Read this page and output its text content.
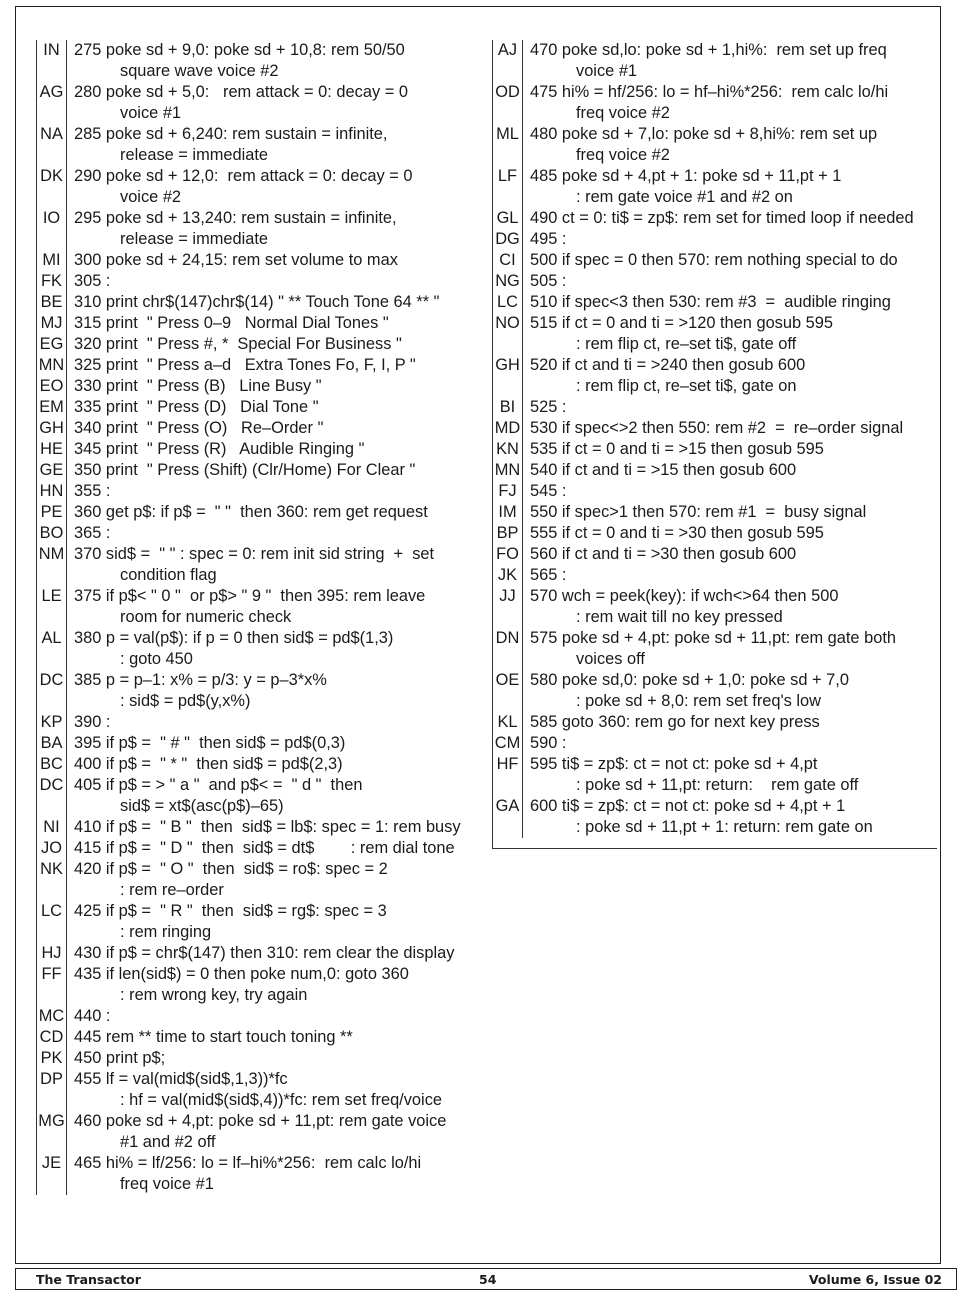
IN 275 poke sd + 9,0: poke sd + 10,8: rem 50/50
square wave voice #2
AG 280 poke sd + 5,0:   rem attack = 0: decay = 0
voice #1
NA 285 poke sd + 6,240: rem sustain = infinite,
release = immediate
DK 290 poke sd + 12,0:  rem attack = 0: decay = 0
voice #2
IO 295 poke sd + 13,240: rem sustain = infinite,
release = immediate
MI 300 poke sd + 24,15: rem set volume to max
FK 305 :
BE 310 print chr$(147)chr$(14) " ** Touch Tone 64 ** "
MJ 315 print  " Press 0–9   Normal Dial Tones "
EG 320 print  " Press #, *  Special For Business "
MN 325 print  " Press a–d   Extra Tones Fo, F, I, P "
EO 330 print  " Press (B)   Line Busy "
EM 335 print  " Press (D)   Dial Tone "
GH 340 print  " Press (O)   Re–Order "
HE 345 print  " Press (R)   Audible Ringing "
GE 350 print  " Press (Shift) (Clr/Home) For Clear "
HN 355 :
PE 360 get p$: if p$ =  " "  then 360: rem get request
BO 365 :
NM 370 sid$ =  " " : spec = 0: rem init sid string  +  set
condition flag
LE 375 if p$< " 0 "  or p$> " 9 "  then 395: rem leave
room for numeric check
AL 380 p = val(p$): if p = 0 then sid$ = pd$(1,3)
: goto 450
DC 385 p = p–1: x% = p/3: y = p–3*x%
: sid$ = pd$(y,x%)
KP 390 :
BA 395 if p$ =  " # "  then sid$ = pd$(0,3)
BC 400 if p$ =  " * "  then sid$ = pd$(2,3)
DC 405 if p$ = > " a "  and p$< =  " d "  then
sid$ = xt$(asc(p$)–65)
NI 410 if p$ =  " B "  then  sid$ = lb$: spec = 1: rem busy
JO 415 if p$ =  " D "  then  sid$ = dt$        : rem dial tone
NK 420 if p$ =  " O "  then  sid$ = ro$: spec = 2
: rem re–order
LC 425 if p$ =  " R "  then  sid$ = rg$: spec = 3
: rem ringing
HJ 430 if p$ = chr$(147) then 310: rem clear the display
FF 435 if len(sid$) = 0 then poke num,0: goto 360
: rem wrong key, try again
MC 440 :
CD 445 rem ** time to start touch toning **
PK 450 print p$;
DP 455 lf = val(mid$(sid$,1,3))*fc
: hf = val(mid$(sid$,4))*fc: rem set freq/voice
MG 460 poke sd + 4,pt: poke sd + 11,pt: rem gate voice
#1 and #2 off
JE 465 hi% = lf/256: lo = lf–hi%*256:  rem calc lo/hi
freq voice #1
AJ 470 poke sd,lo: poke sd + 1,hi%:  rem set up freq
voice #1
OD 475 hi% = hf/256: lo = hf–hi%*256:  rem calc lo/hi
freq voice #2
ML 480 poke sd + 7,lo: poke sd + 8,hi%: rem set up
freq voice #2
LF 485 poke sd + 4,pt + 1: poke sd + 11,pt + 1
: rem gate voice #1 and #2 on
GL 490 ct = 0: ti$ = zp$: rem set for timed loop if needed
DG 495 :
CI 500 if spec = 0 then 570: rem nothing special to do
NG 505 :
LC 510 if spec<3 then 530: rem #3  =  audible ringing
NO 515 if ct = 0 and ti = >120 then gosub 595
: rem flip ct, re–set ti$, gate off
GH 520 if ct and ti = >240 then gosub 600
: rem flip ct, re–set ti$, gate on
BI 525 :
MD 530 if spec<>2 then 550: rem #2  =  re–order signal
KN 535 if ct = 0 and ti = >15 then gosub 595
MN 540 if ct and ti = >15 then gosub 600
FJ 545 :
IM 550 if spec>1 then 570: rem #1  =  busy signal
BP 555 if ct = 0 and ti = >30 then gosub 595
FO 560 if ct and ti = >30 then gosub 600
JK 565 :
JJ 570 wch = peek(key): if wch<>64 then 500
: rem wait till no key pressed
DN 575 poke sd + 4,pt: poke sd + 11,pt: rem gate both
voices off
OE 580 poke sd,0: poke sd + 1,0: poke sd + 7,0
: poke sd + 8,0: rem set freq's low
KL 585 goto 360: rem go for next key press
CM 590 :
HF 595 ti$ = zp$: ct = not ct: poke sd + 4,pt
: poke sd + 11,pt: return:    rem gate off
GA 600 ti$ = zp$: ct = not ct: poke sd + 4,pt + 1
: poke sd + 11,pt + 1: return: rem gate on
The Transactor	54	Volume 6, Issue 02
